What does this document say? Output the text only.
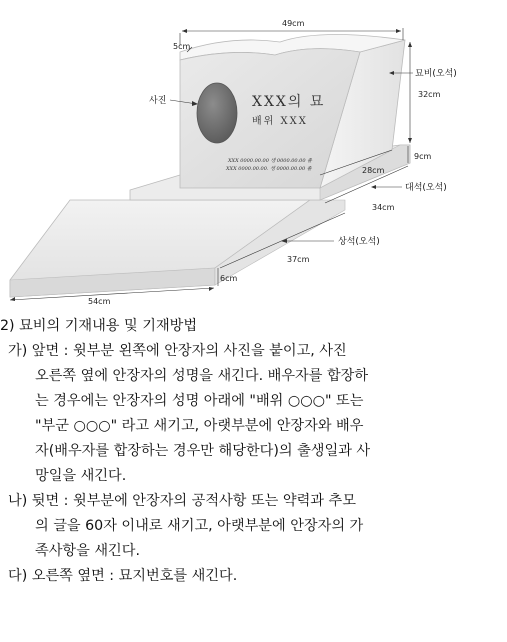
XXX의 묘
배위 XXX
XXX 0000.00.00 생 0000.00.00 졸
XXX 0000.00.00. 생 0000.00.00 졸
49cm
5cm
사진
묘비(오석)
32cm
9cm
28cm
대석(오석)
34cm
상석(오석)
37cm
6cm
54cm
2) 묘비의 기재내용 및 기재방법
가) 앞면 : 윗부분 왼쪽에 안장자의 사진을 붙이고, 사진
오른쪽 옆에 안장자의 성명을 새긴다. 배우자를 합장하
는 경우에는 안장자의 성명 아래에 "배위 ○○○" 또는
"부군 ○○○" 라고 새기고, 아랫부분에 안장자와 배우
자(배우자를 합장하는 경우만 해당한다)의 출생일과 사
망일을 새긴다.
나) 뒷면 : 윗부분에 안장자의 공적사항 또는 약력과 추모
의 글을 60자 이내로 새기고, 아랫부분에 안장자의 가
족사항을 새긴다.
다) 오른쪽 옆면 : 묘지번호를 새긴다.
